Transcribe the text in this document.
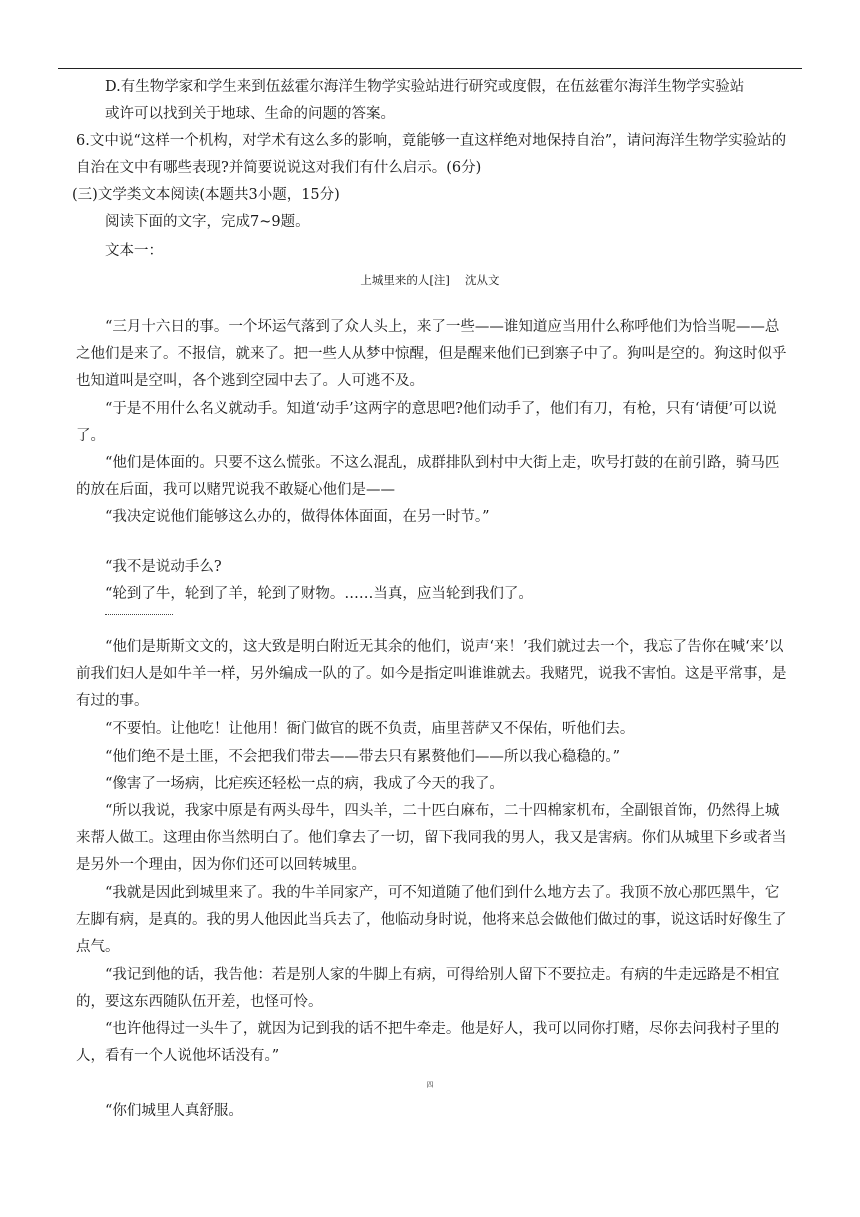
D.有生物学家和学生来到伍兹霍尔海洋生物学实验站进行研究或度假，在伍兹霍尔海洋生物学实验站
或许可以找到关于地球、生命的问题的答案。

6.文中说“这样一个机构，对学术有这么多的影响，竟能够一直这样绝对地保持自治”，请问海洋生物学实验站的自治在文中有哪些表现?并简要说说这对我们有什么启示。(6分)

(三)文学类文本阅读(本题共3小题，15分)
阅读下面的文字，完成7~9题。
文本一：
上城里来的人[注]　 沈从文

“三月十六日的事。一个坏运气落到了众人头上，来了一些——谁知道应当用什么称呼他们为恰当呢——总之他们是来了。不报信，就来了。把一些人从梦中惊醒，但是醒来他们已到寨子中了。狗叫是空的。狗这时似乎也知道叫是空叫，各个逃到空园中去了。人可逃不及。

“于是不用什么名义就动手。知道‘动手’这两字的意思吧?他们动手了，他们有刀，有枪，只有‘请便’可以说了。

“他们是体面的。只要不这么慌张。不这么混乱，成群排队到村中大街上走，吹号打鼓的在前引路，骑马匹的放在后面，我可以赌咒说我不敢疑心他们是——

“我决定说他们能够这么办的，做得体体面面，在另一时节。”

“我不是说动手么?

“轮到了牛，轮到了羊，轮到了财物。……当真，应当轮到我们了。

“他们是斯斯文文的，这大致是明白附近无其余的他们，说声‘来！’我们就过去一个，我忘了告你在喊‘来’以前我们妇人是如牛羊一样，另外编成一队的了。如今是指定叫谁谁就去。我赌咒，说我不害怕。这是平常事，是有过的事。

“不要怕。让他吃！让他用！衙门做官的既不负责，庙里菩萨又不保佑，听他们去。

“他们绝不是土匪，不会把我们带去——带去只有累赘他们——所以我心稳稳的。”

“像害了一场病，比疟疾还轻松一点的病，我成了今天的我了。

“所以我说，我家中原是有两头母牛，四头羊，二十匹白麻布，二十四棉家机布，全副银首饰，仍然得上城来帮人做工。这理由你当然明白了。他们拿去了一切，留下我同我的男人，我又是害病。你们从城里下乡或者当是另外一个理由，因为你们还可以回转城里。

“我就是因此到城里来了。我的牛羊同家产，可不知道随了他们到什么地方去了。我顶不放心那匹黑牛，它左脚有病，是真的。我的男人他因此当兵去了，他临动身时说，他将来总会做他们做过的事，说这话时好像生了点气。

“我记到他的话，我告他：若是别人家的牛脚上有病，可得给别人留下不要拉走。有病的牛走远路是不相宜的，要这东西随队伍开差，也怪可怜。

“也许他得过一头牛了，就因为记到我的话不把牛牵走。他是好人，我可以同你打赌，尽你去问我村子里的人，看有一个人说他坏话没有。”

四

“你们城里人真舒服。
